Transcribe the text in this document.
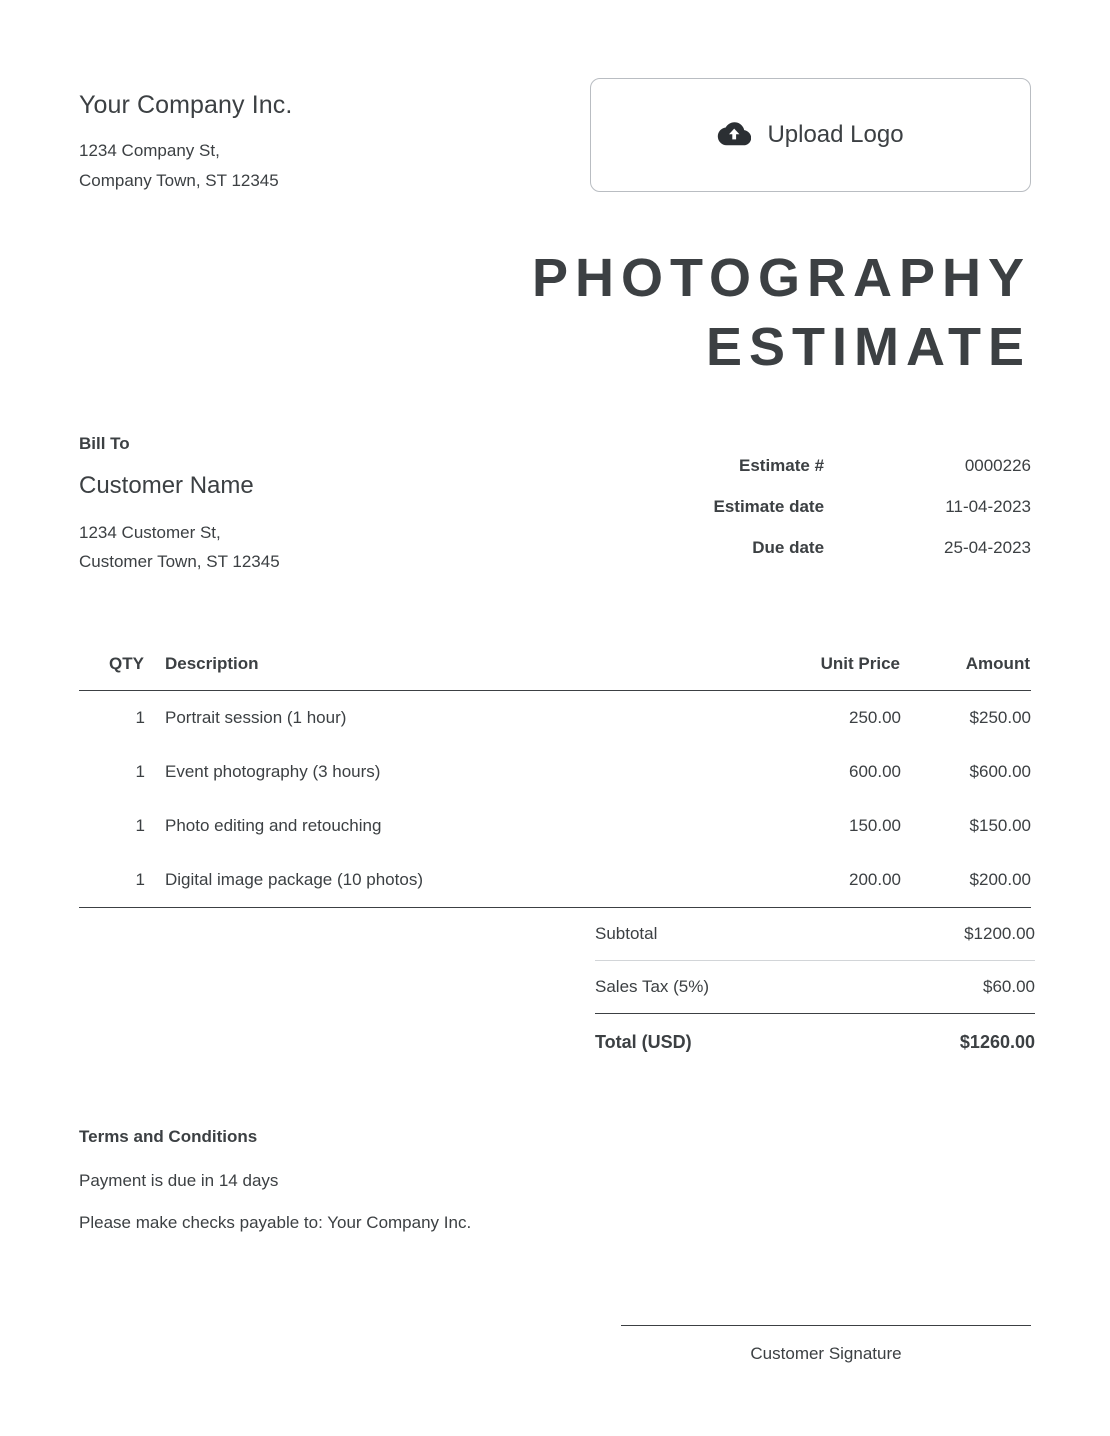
Your Company Inc.
1234 Company St,
Company Town, ST 12345
Upload Logo
PHOTOGRAPHY
ESTIMATE
Bill To
Customer Name
1234 Customer St,
Customer Town, ST 12345
Estimate #	0000226
Estimate date	11-04-2023
Due date	25-04-2023
QTY	Description	Unit Price	Amount
1	Portrait session (1 hour)	250.00	$250.00
1	Event photography (3 hours)	600.00	$600.00
1	Photo editing and retouching	150.00	$150.00
1	Digital image package (10 photos)	200.00	$200.00
Subtotal	$1200.00
Sales Tax (5%)	$60.00
Total (USD)	$1260.00
Terms and Conditions
Payment is due in 14 days
Please make checks payable to: Your Company Inc.
Customer Signature
